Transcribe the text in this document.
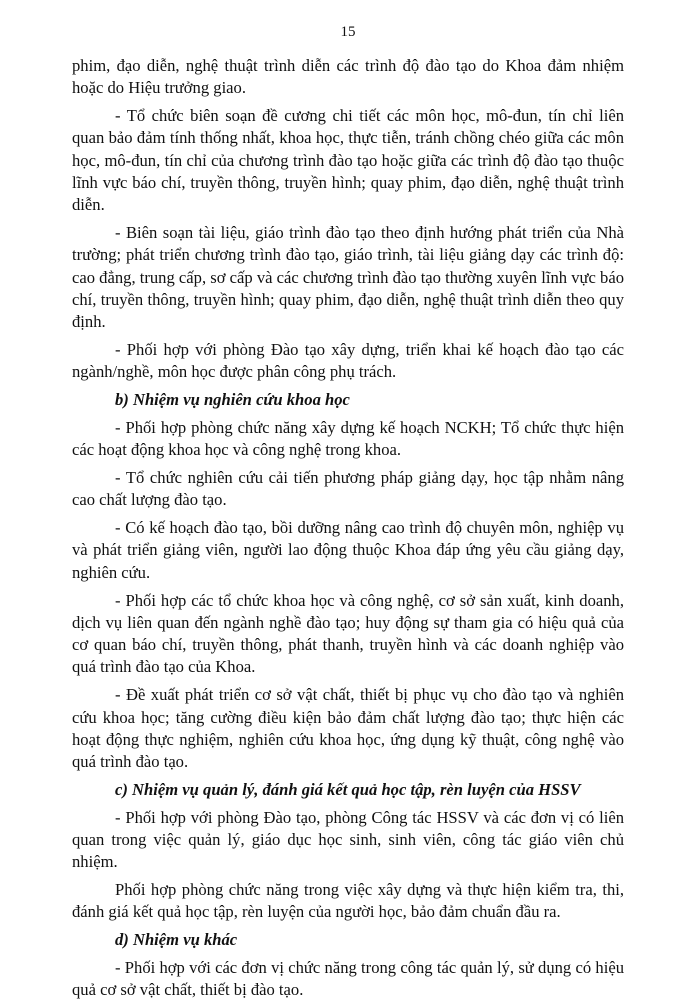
15

phim, đạo diễn, nghệ thuật trình diễn các trình độ đào tạo do Khoa đảm nhiệm hoặc do Hiệu trưởng giao.

- Tổ chức biên soạn đề cương chi tiết các môn học, mô-đun, tín chỉ liên quan bảo đảm tính thống nhất, khoa học, thực tiễn, tránh chồng chéo giữa các môn học, mô-đun, tín chỉ của chương trình đào tạo hoặc giữa các trình độ đào tạo thuộc lĩnh vực báo chí, truyền thông, truyền hình; quay phim, đạo diễn, nghệ thuật trình diễn.

- Biên soạn tài liệu, giáo trình đào tạo theo định hướng phát triển của Nhà trường; phát triển chương trình đào tạo, giáo trình, tài liệu giảng dạy các trình độ: cao đẳng, trung cấp, sơ cấp và các chương trình đào tạo thường xuyên lĩnh vực báo chí, truyền thông, truyền hình; quay phim, đạo diễn, nghệ thuật trình diễn theo quy định.

- Phối hợp với phòng Đào tạo xây dựng, triển khai kế hoạch đào tạo các ngành/nghề, môn học được phân công phụ trách.

b) Nhiệm vụ nghiên cứu khoa học

- Phối hợp phòng chức năng xây dựng kế hoạch NCKH; Tổ chức thực hiện các hoạt động khoa học và công nghệ trong khoa.

- Tổ chức nghiên cứu cải tiến phương pháp giảng dạy, học tập nhằm nâng cao chất lượng đào tạo.

- Có kế hoạch đào tạo, bồi dưỡng nâng cao trình độ chuyên môn, nghiệp vụ và phát triển giảng viên, người lao động thuộc Khoa đáp ứng yêu cầu giảng dạy, nghiên cứu.

- Phối hợp các tổ chức khoa học và công nghệ, cơ sở sản xuất, kinh doanh, dịch vụ liên quan đến ngành nghề đào tạo; huy động sự tham gia có hiệu quả của cơ quan báo chí, truyền thông, phát thanh, truyền hình và các doanh nghiệp vào quá trình đào tạo của Khoa.

- Đề xuất phát triển cơ sở vật chất, thiết bị phục vụ cho đào tạo và nghiên cứu khoa học; tăng cường điều kiện bảo đảm chất lượng đào tạo; thực hiện các hoạt động thực nghiệm, nghiên cứu khoa học, ứng dụng kỹ thuật, công nghệ vào quá trình đào tạo.

c) Nhiệm vụ quản lý, đánh giá kết quả học tập, rèn luyện của HSSV

- Phối hợp với phòng Đào tạo, phòng Công tác HSSV và các đơn vị có liên quan trong việc quản lý, giáo dục học sinh, sinh viên, công tác giáo viên chủ nhiệm.

Phối hợp phòng chức năng trong việc xây dựng và thực hiện kiểm tra, thi, đánh giá kết quả học tập, rèn luyện của người học, bảo đảm chuẩn đầu ra.

d) Nhiệm vụ khác

- Phối hợp với các đơn vị chức năng trong công tác quản lý, sử dụng có hiệu quả cơ sở vật chất, thiết bị đào tạo.
